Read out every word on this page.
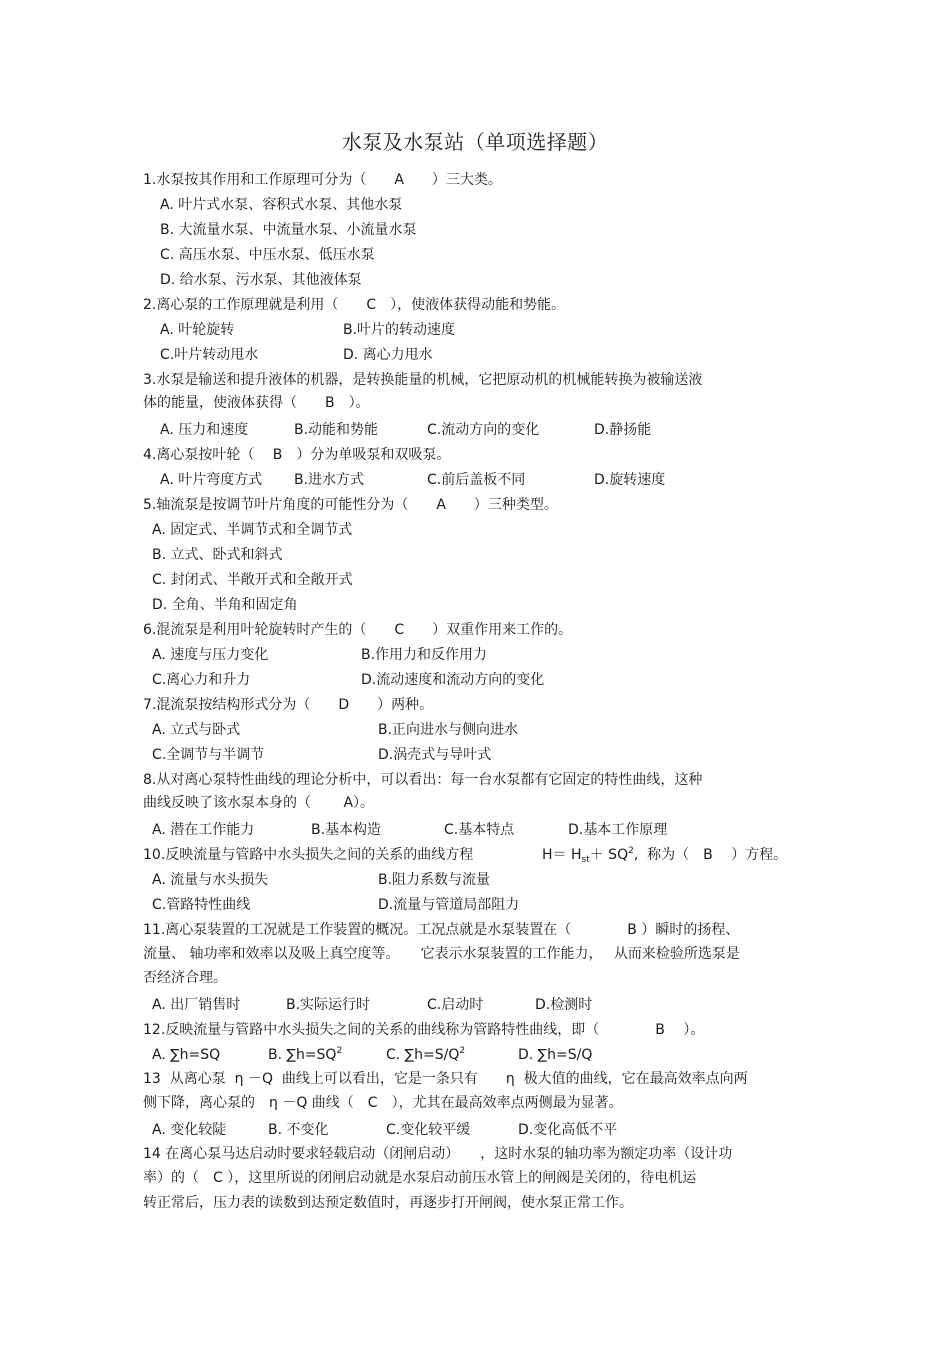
水泵及水泵站（单项选择题）
1.水泵按其作用和工作原理可分为（　　A　　）三大类。
A. 叶片式水泵、容积式水泵、其他水泵
B. 大流量水泵、中流量水泵、小流量水泵
C. 高压水泵、中压水泵、低压水泵
D. 给水泵、污水泵、其他液体泵
2.离心泵的工作原理就是利用（　　C　），使液体获得动能和势能。
A. 叶轮旋转	B.叶片的转动速度
C.叶片转动甩水	D. 离心力甩水
3.水泵是输送和提升液体的机器，是转换能量的机械，它把原动机的机械能转换为被输送液
体的能量，使液体获得（　　B　）。
A. 压力和速度	B.动能和势能	C.流动方向的变化	D.静扬能
4.离心泵按叶轮（　 B　）分为单吸泵和双吸泵。
A. 叶片弯度方式 B.进水方式	C.前后盖板不同	D.旋转速度
5.轴流泵是按调节叶片角度的可能性分为（　　A　　）三种类型。
A. 固定式、半调节式和全调节式
B. 立式、卧式和斜式
C. 封闭式、半敞开式和全敞开式
D. 全角、半角和固定角
6.混流泵是利用叶轮旋转时产生的（　　C　　）双重作用来工作的。
A. 速度与压力变化	B.作用力和反作用力
C.离心力和升力	D.流动速度和流动方向的变化
7.混流泵按结构形式分为（　　D　　）两种。
A. 立式与卧式	B.正向进水与侧向进水
C.全调节与半调节	D.涡壳式与导叶式
8.从对离心泵特性曲线的理论分析中，可以看出：每一台水泵都有它固定的特性曲线，这种
曲线反映了该水泵本身的（　　 A）。
A. 潜在工作能力	B.基本构造	C.基本特点	D.基本工作原理
10.反映流量与管路中水头损失之间的关系的曲线方程	$H= H_{st}+ SQ^2$,  称为（　B　 ）方程。
A. 流量与水头损失	B.阻力系数与流量
C.管路特性曲线	D.流量与管道局部阻力
11.离心泵装置的工况就是工作装置的概况。工况点就是水泵装置在（　　　　B ）瞬时的扬程、
流量、 轴功率和效率以及吸上真空度等。　　它表示水泵装置的工作能力，　 从而来检验所选泵是
否经济合理。
A. 出厂销售时	B.实际运行时	C.启动时	D.检测时
12.反映流量与管路中水头损失之间的关系的曲线称为管路特性曲线，即（　　　　B　 ）。
A. ∑h=SQ	B. $\sum h=SQ^2$	C. $\sum h=S/Q^2$	D. ∑h=S/Q
13  从离心泵  η －Q  曲线上可以看出，它是一条只有　　η  极大值的曲线，它在最高效率点向两
侧下降，离心泵的　η －Q 曲线（　C　），尤其在最高效率点两侧最为显著。
A. 变化较陡	B. 不变化	C.变化较平缓	D.变化高低不平
14 在离心泵马达启动时要求轻载启动（闭闸启动）　　，这时水泵的轴功率为额定功率（设计功
率）的（　C ），这里所说的闭闸启动就是水泵启动前压水管上的闸阀是关闭的，待电机运
转正常后，压力表的读数到达预定数值时，再逐步打开闸阀，使水泵正常工作。
